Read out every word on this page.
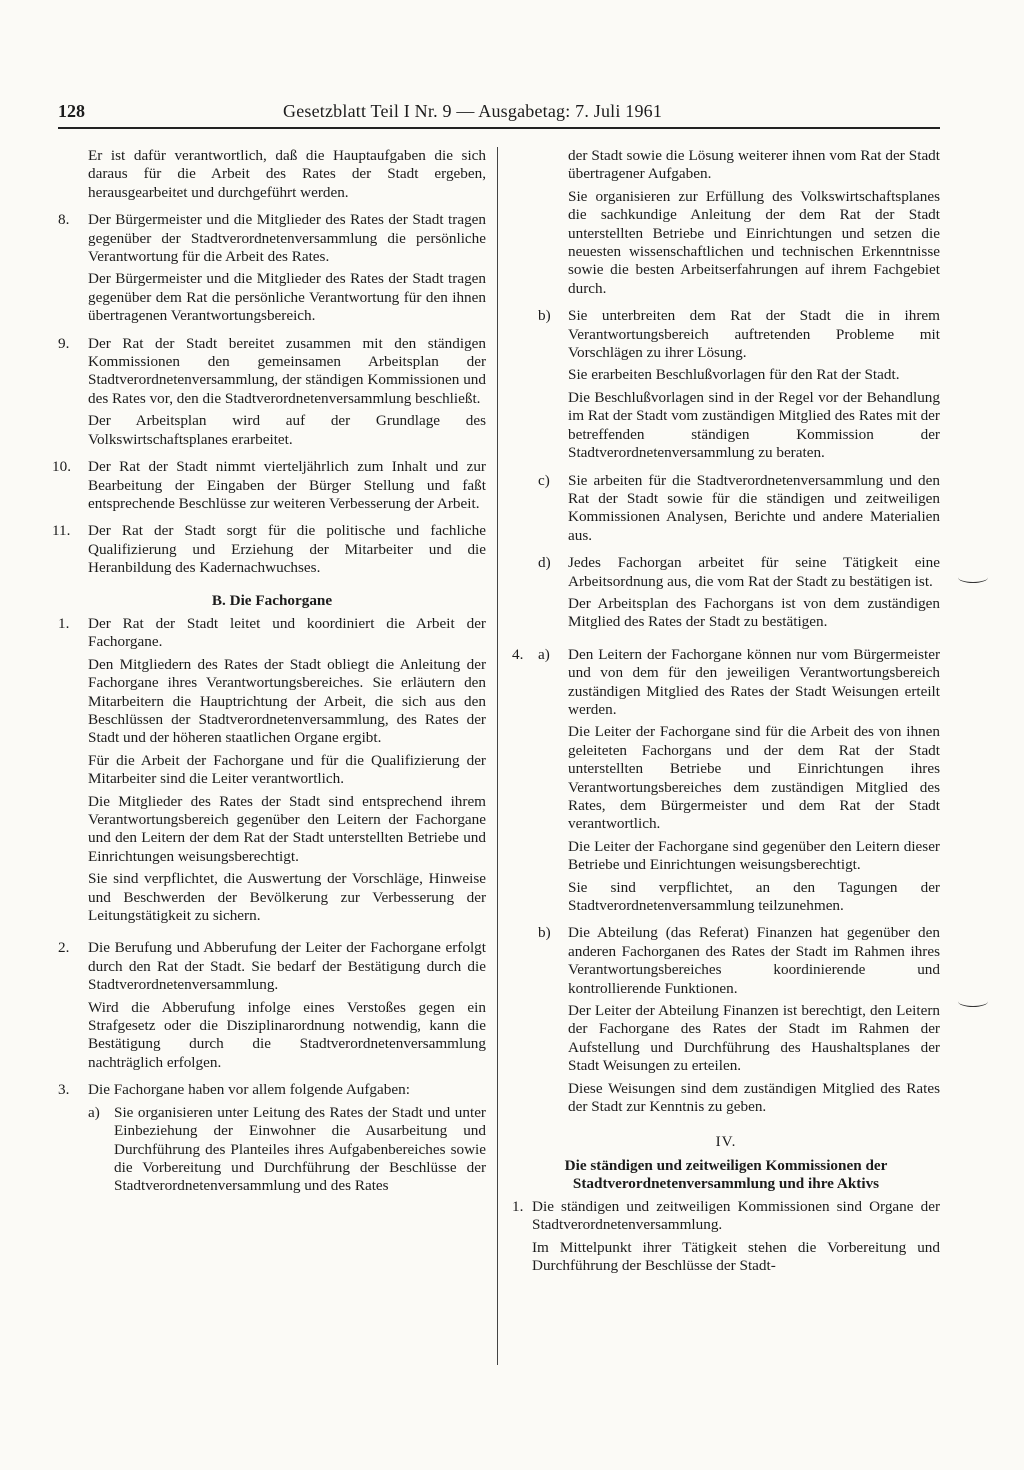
128	Gesetzblatt Teil I Nr. 9 — Ausgabetag: 7. Juli 1961

Er ist dafür verantwortlich, daß die Hauptaufgaben die sich daraus für die Arbeit des Rates der Stadt ergeben, herausgearbeitet und durchgeführt werden.

8. Der Bürgermeister und die Mitglieder des Rates der Stadt tragen gegenüber der Stadtverordnetenversammlung die persönliche Verantwortung für die Arbeit des Rates.

Der Bürgermeister und die Mitglieder des Rates der Stadt tragen gegenüber dem Rat die persönliche Verantwortung für den ihnen übertragenen Verantwortungsbereich.

9. Der Rat der Stadt bereitet zusammen mit den ständigen Kommissionen den gemeinsamen Arbeitsplan der Stadtverordnetenversammlung, der ständigen Kommissionen und des Rates vor, den die Stadtverordnetenversammlung beschließt.

Der Arbeitsplan wird auf der Grundlage des Volkswirtschaftsplanes erarbeitet.

10. Der Rat der Stadt nimmt vierteljährlich zum Inhalt und zur Bearbeitung der Eingaben der Bürger Stellung und faßt entsprechende Beschlüsse zur weiteren Verbesserung der Arbeit.

11. Der Rat der Stadt sorgt für die politische und fachliche Qualifizierung und Erziehung der Mitarbeiter und die Heranbildung des Kadernachwuchses.

B. Die Fachorgane

1. Der Rat der Stadt leitet und koordiniert die Arbeit der Fachorgane.

Den Mitgliedern des Rates der Stadt obliegt die Anleitung der Fachorgane ihres Verantwortungsbereiches. Sie erläutern den Mitarbeitern die Hauptrichtung der Arbeit, die sich aus den Beschlüssen der Stadtverordnetenversammlung, des Rates der Stadt und der höheren staatlichen Organe ergibt.

Für die Arbeit der Fachorgane und für die Qualifizierung der Mitarbeiter sind die Leiter verantwortlich.

Die Mitglieder des Rates der Stadt sind entsprechend ihrem Verantwortungsbereich gegenüber den Leitern der Fachorgane und den Leitern der dem Rat der Stadt unterstellten Betriebe und Einrichtungen weisungsberechtigt.

Sie sind verpflichtet, die Auswertung der Vorschläge, Hinweise und Beschwerden der Bevölkerung zur Verbesserung der Leitungstätigkeit zu sichern.

2. Die Berufung und Abberufung der Leiter der Fachorgane erfolgt durch den Rat der Stadt. Sie bedarf der Bestätigung durch die Stadtverordnetenversammlung.

Wird die Abberufung infolge eines Verstoßes gegen ein Strafgesetz oder die Disziplinarordnung notwendig, kann die Bestätigung durch die Stadtverordnetenversammlung nachträglich erfolgen.

3. Die Fachorgane haben vor allem folgende Aufgaben:

a) Sie organisieren unter Leitung des Rates der Stadt und unter Einbeziehung der Einwohner die Ausarbeitung und Durchführung des Planteiles ihres Aufgabenbereiches sowie die Vorbereitung und Durchführung der Beschlüsse der Stadtverordnetenversammlung und des Rates

der Stadt sowie die Lösung weiterer ihnen vom Rat der Stadt übertragener Aufgaben.

Sie organisieren zur Erfüllung des Volkswirtschaftsplanes die sachkundige Anleitung der dem Rat der Stadt unterstellten Betriebe und Einrichtungen und setzen die neuesten wissenschaftlichen und technischen Erkenntnisse sowie die besten Arbeitserfahrungen auf ihrem Fachgebiet durch.

b) Sie unterbreiten dem Rat der Stadt die in ihrem Verantwortungsbereich auftretenden Probleme mit Vorschlägen zu ihrer Lösung.

Sie erarbeiten Beschlußvorlagen für den Rat der Stadt.

Die Beschlußvorlagen sind in der Regel vor der Behandlung im Rat der Stadt vom zuständigen Mitglied des Rates mit der betreffenden ständigen Kommission der Stadtverordnetenversammlung zu beraten.

c) Sie arbeiten für die Stadtverordnetenversammlung und den Rat der Stadt sowie für die ständigen und zeitweiligen Kommissionen Analysen, Berichte und andere Materialien aus.

d) Jedes Fachorgan arbeitet für seine Tätigkeit eine Arbeitsordnung aus, die vom Rat der Stadt zu bestätigen ist.

Der Arbeitsplan des Fachorgans ist von dem zuständigen Mitglied des Rates der Stadt zu bestätigen.

4. a) Den Leitern der Fachorgane können nur vom Bürgermeister und von dem für den jeweiligen Verantwortungsbereich zuständigen Mitglied des Rates der Stadt Weisungen erteilt werden.

Die Leiter der Fachorgane sind für die Arbeit des von ihnen geleiteten Fachorgans und der dem Rat der Stadt unterstellten Betriebe und Einrichtungen ihres Verantwortungsbereiches dem zuständigen Mitglied des Rates, dem Bürgermeister und dem Rat der Stadt verantwortlich.

Die Leiter der Fachorgane sind gegenüber den Leitern dieser Betriebe und Einrichtungen weisungsberechtigt.

Sie sind verpflichtet, an den Tagungen der Stadtverordnetenversammlung teilzunehmen.

b) Die Abteilung (das Referat) Finanzen hat gegenüber den anderen Fachorganen des Rates der Stadt im Rahmen ihres Verantwortungsbereiches koordinierende und kontrollierende Funktionen.

Der Leiter der Abteilung Finanzen ist berechtigt, den Leitern der Fachorgane des Rates der Stadt im Rahmen der Aufstellung und Durchführung des Haushaltsplanes der Stadt Weisungen zu erteilen.

Diese Weisungen sind dem zuständigen Mitglied des Rates der Stadt zur Kenntnis zu geben.

IV.

Die ständigen und zeitweiligen Kommissionen der Stadtverordnetenversammlung und ihre Aktivs

1. Die ständigen und zeitweiligen Kommissionen sind Organe der Stadtverordnetenversammlung.

Im Mittelpunkt ihrer Tätigkeit stehen die Vorbereitung und Durchführung der Beschlüsse der Stadt-
